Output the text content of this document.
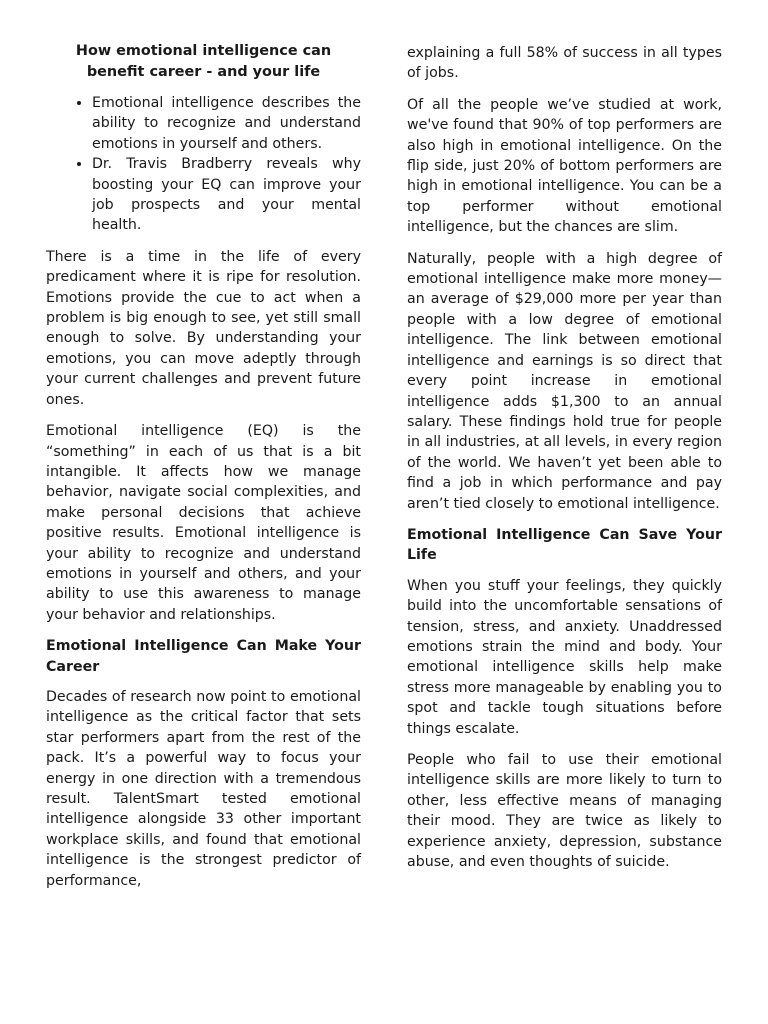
How emotional intelligence can benefit career - and your life
• Emotional intelligence describes the ability to recognize and understand emotions in yourself and others.
• Dr. Travis Bradberry reveals why boosting your EQ can improve your job prospects and your mental health.

There is a time in the life of every predicament where it is ripe for resolution. Emotions provide the cue to act when a problem is big enough to see, yet still small enough to solve. By understanding your emotions, you can move adeptly through your current challenges and prevent future ones.

Emotional intelligence (EQ) is the “something” in each of us that is a bit intangible. It affects how we manage behavior, navigate social complexities, and make personal decisions that achieve positive results. Emotional intelligence is your ability to recognize and understand emotions in yourself and others, and your ability to use this awareness to manage your behavior and relationships.

Emotional Intelligence Can Make Your Career

Decades of research now point to emotional intelligence as the critical factor that sets star performers apart from the rest of the pack. It’s a powerful way to focus your energy in one direction with a tremendous result. TalentSmart tested emotional intelligence alongside 33 other important workplace skills, and found that emotional intelligence is the strongest predictor of performance,

explaining a full 58% of success in all types of jobs.

Of all the people we’ve studied at work, we've found that 90% of top performers are also high in emotional intelligence. On the flip side, just 20% of bottom performers are high in emotional intelligence. You can be a top performer without emotional intelligence, but the chances are slim.

Naturally, people with a high degree of emotional intelligence make more money—an average of $29,000 more per year than people with a low degree of emotional intelligence. The link between emotional intelligence and earnings is so direct that every point increase in emotional intelligence adds $1,300 to an annual salary. These findings hold true for people in all industries, at all levels, in every region of the world. We haven’t yet been able to find a job in which performance and pay aren’t tied closely to emotional intelligence.

Emotional Intelligence Can Save Your Life

When you stuff your feelings, they quickly build into the uncomfortable sensations of tension, stress, and anxiety. Unaddressed emotions strain the mind and body. Your emotional intelligence skills help make stress more manageable by enabling you to spot and tackle tough situations before things escalate.

People who fail to use their emotional intelligence skills are more likely to turn to other, less effective means of managing their mood. They are twice as likely to experience anxiety, depression, substance abuse, and even thoughts of suicide.
